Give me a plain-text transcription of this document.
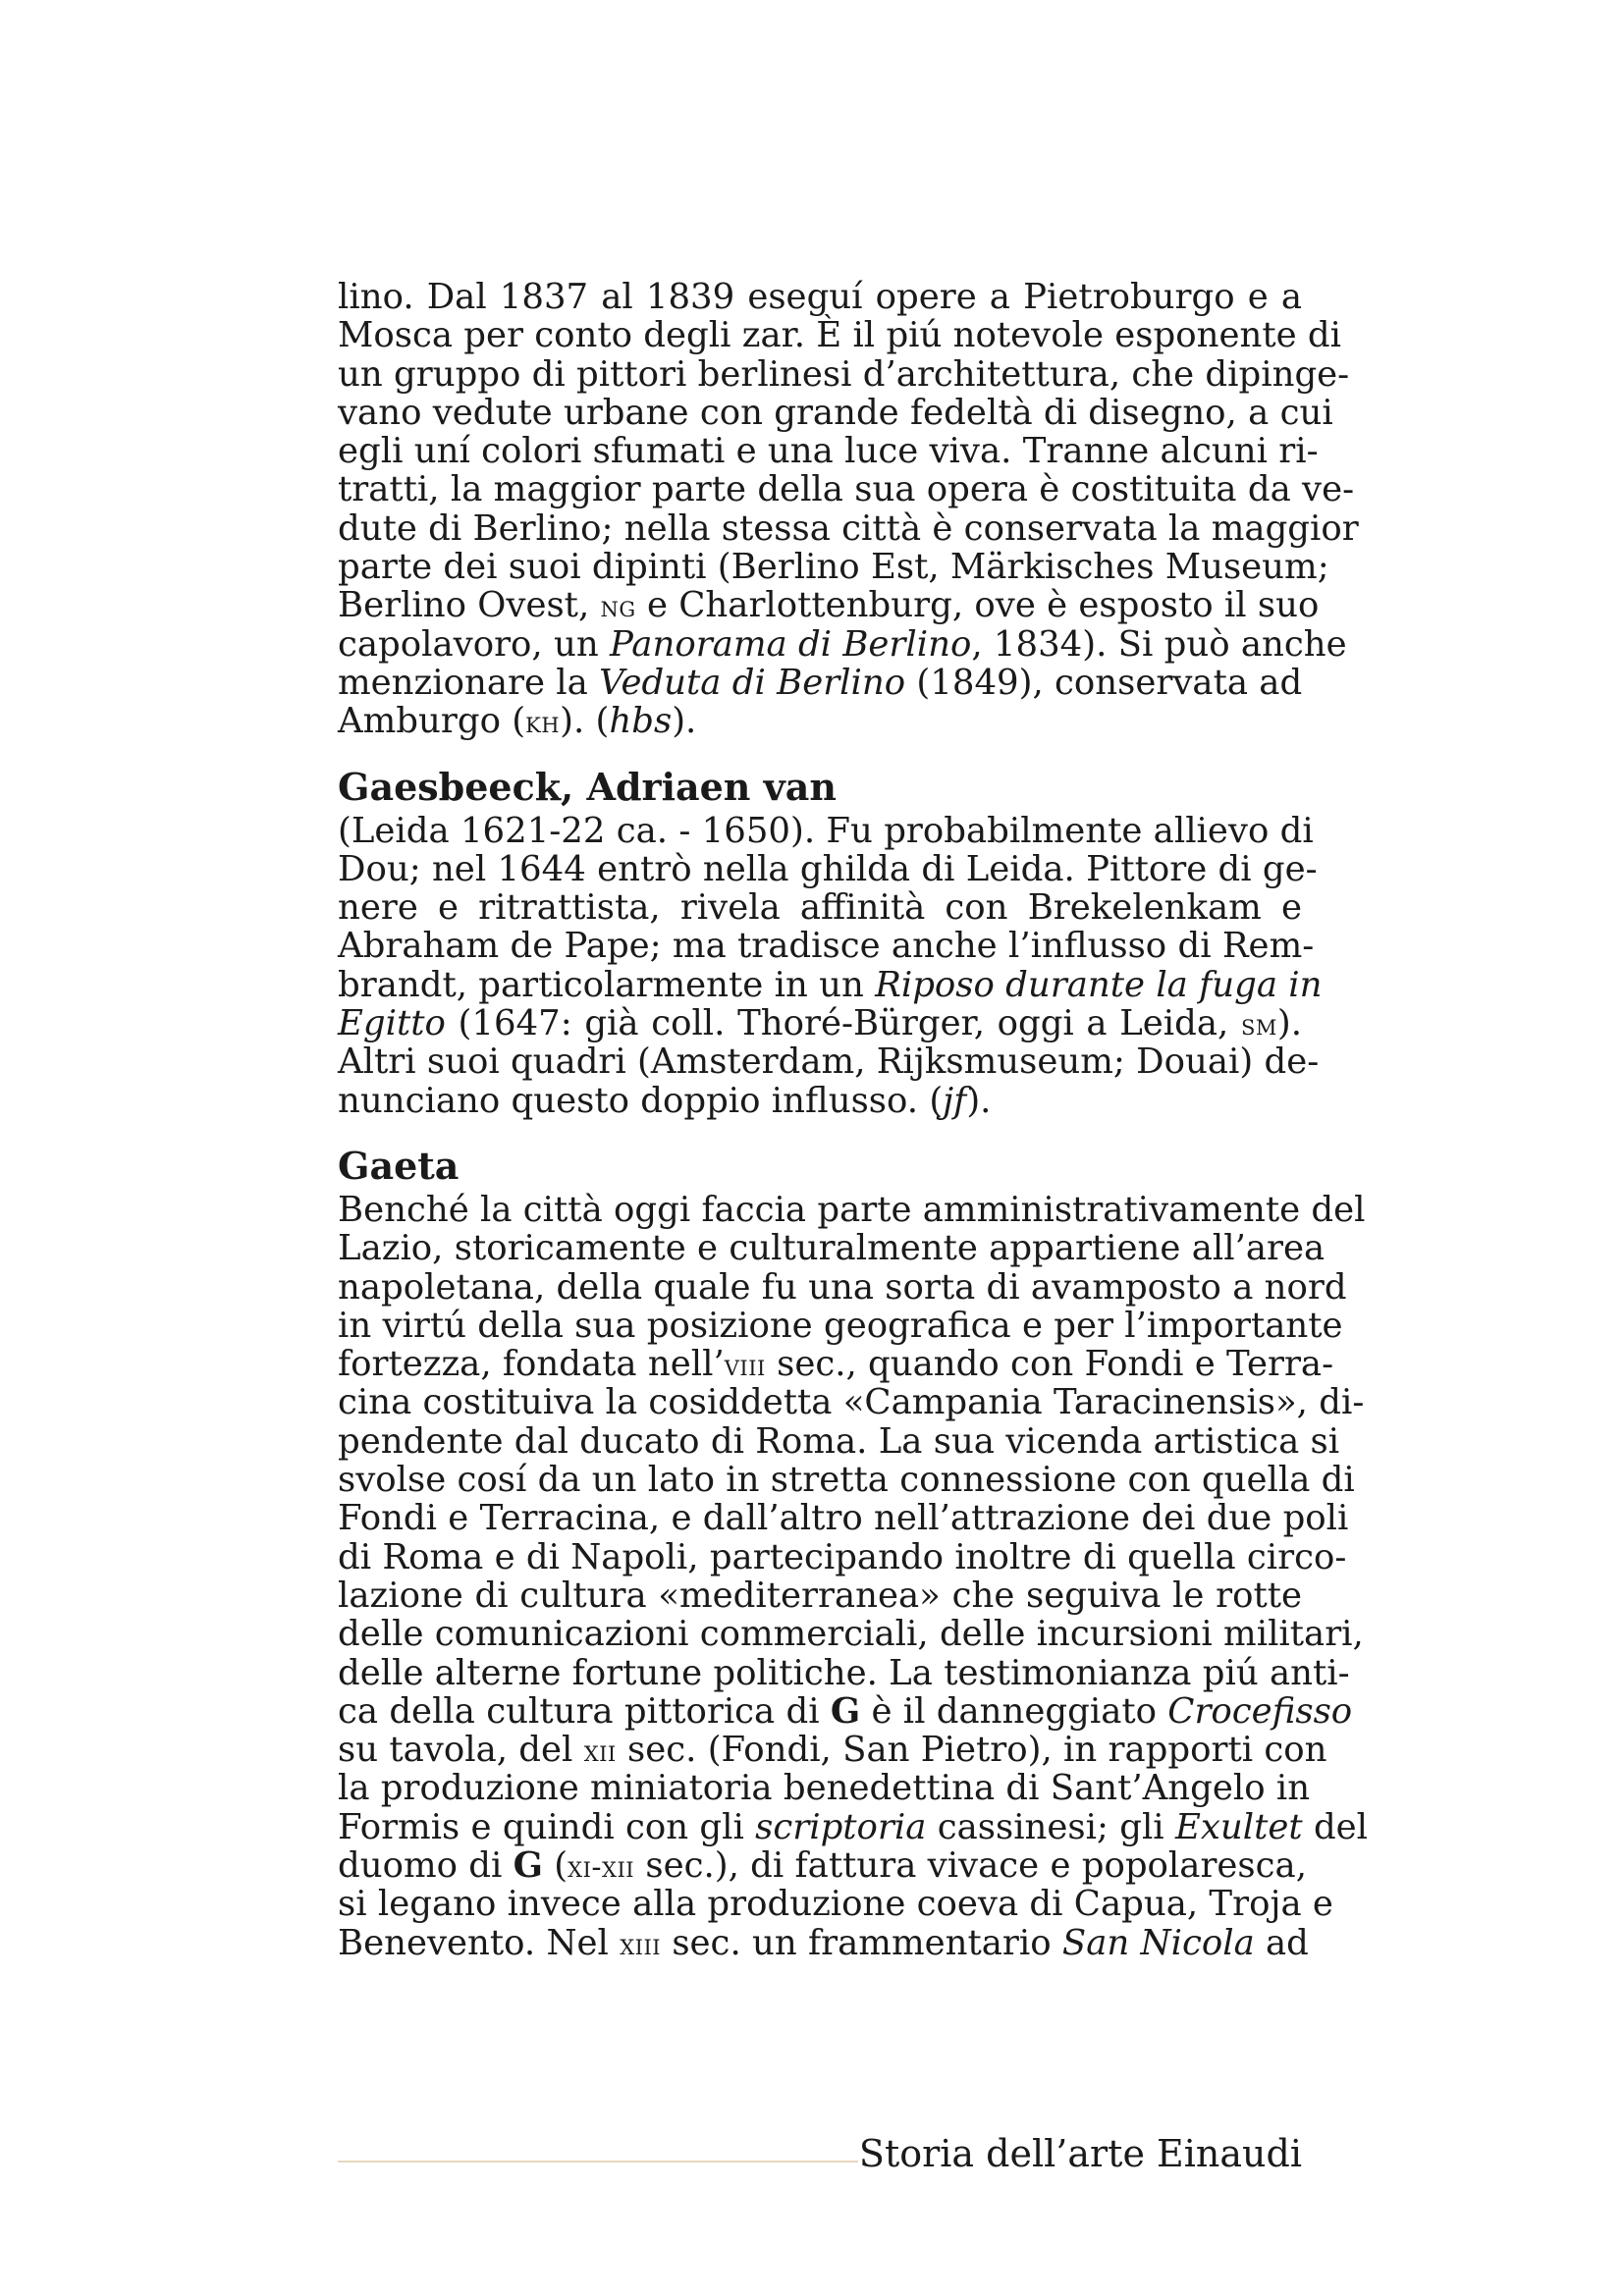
lino. Dal 1837 al 1839 eseguí opere a Pietroburgo e a
Mosca per conto degli zar. È il piú notevole esponente di
un gruppo di pittori berlinesi d’architettura, che dipinge-
vano vedute urbane con grande fedeltà di disegno, a cui
egli uní colori sfumati e una luce viva. Tranne alcuni ri-
tratti, la maggior parte della sua opera è costituita da ve-
dute di Berlino; nella stessa città è conservata la maggior
parte dei suoi dipinti (Berlino Est, Märkisches Museum;
Berlino Ovest, ng e Charlottenburg, ove è esposto il suo
capolavoro, un Panorama di Berlino, 1834). Si può anche
menzionare la Veduta di Berlino (1849), conservata ad
Amburgo (kh). (hbs).
Gaesbeeck, Adriaen van
(Leida 1621-22 ca. - 1650). Fu probabilmente allievo di
Dou; nel 1644 entrò nella ghilda di Leida. Pittore di ge-
nere e ritrattista, rivela affinità con Brekelenkam e
Abraham de Pape; ma tradisce anche l’influsso di Rem-
brandt, particolarmente in un Riposo durante la fuga in
Egitto (1647: già coll. Thoré-Bürger, oggi a Leida, sm).
Altri suoi quadri (Amsterdam, Rijksmuseum; Douai) de-
nunciano questo doppio influsso. (jf).
Gaeta
Benché la città oggi faccia parte amministrativamente del
Lazio, storicamente e culturalmente appartiene all’area
napoletana, della quale fu una sorta di avamposto a nord
in virtú della sua posizione geografica e per l’importante
fortezza, fondata nell’viii sec., quando con Fondi e Terra-
cina costituiva la cosiddetta «Campania Taracinensis», di-
pendente dal ducato di Roma. La sua vicenda artistica si
svolse cosí da un lato in stretta connessione con quella di
Fondi e Terracina, e dall’altro nell’attrazione dei due poli
di Roma e di Napoli, partecipando inoltre di quella circo-
lazione di cultura «mediterranea» che seguiva le rotte
delle comunicazioni commerciali, delle incursioni militari,
delle alterne fortune politiche. La testimonianza piú anti-
ca della cultura pittorica di G è il danneggiato Crocefisso
su tavola, del xii sec. (Fondi, San Pietro), in rapporti con
la produzione miniatoria benedettina di Sant’Angelo in
Formis e quindi con gli scriptoria cassinesi; gli Exultet del
duomo di G (xi-xii sec.), di fattura vivace e popolaresca,
si legano invece alla produzione coeva di Capua, Troja e
Benevento. Nel xiii sec. un frammentario San Nicola ad
Storia dell’arte Einaudi
